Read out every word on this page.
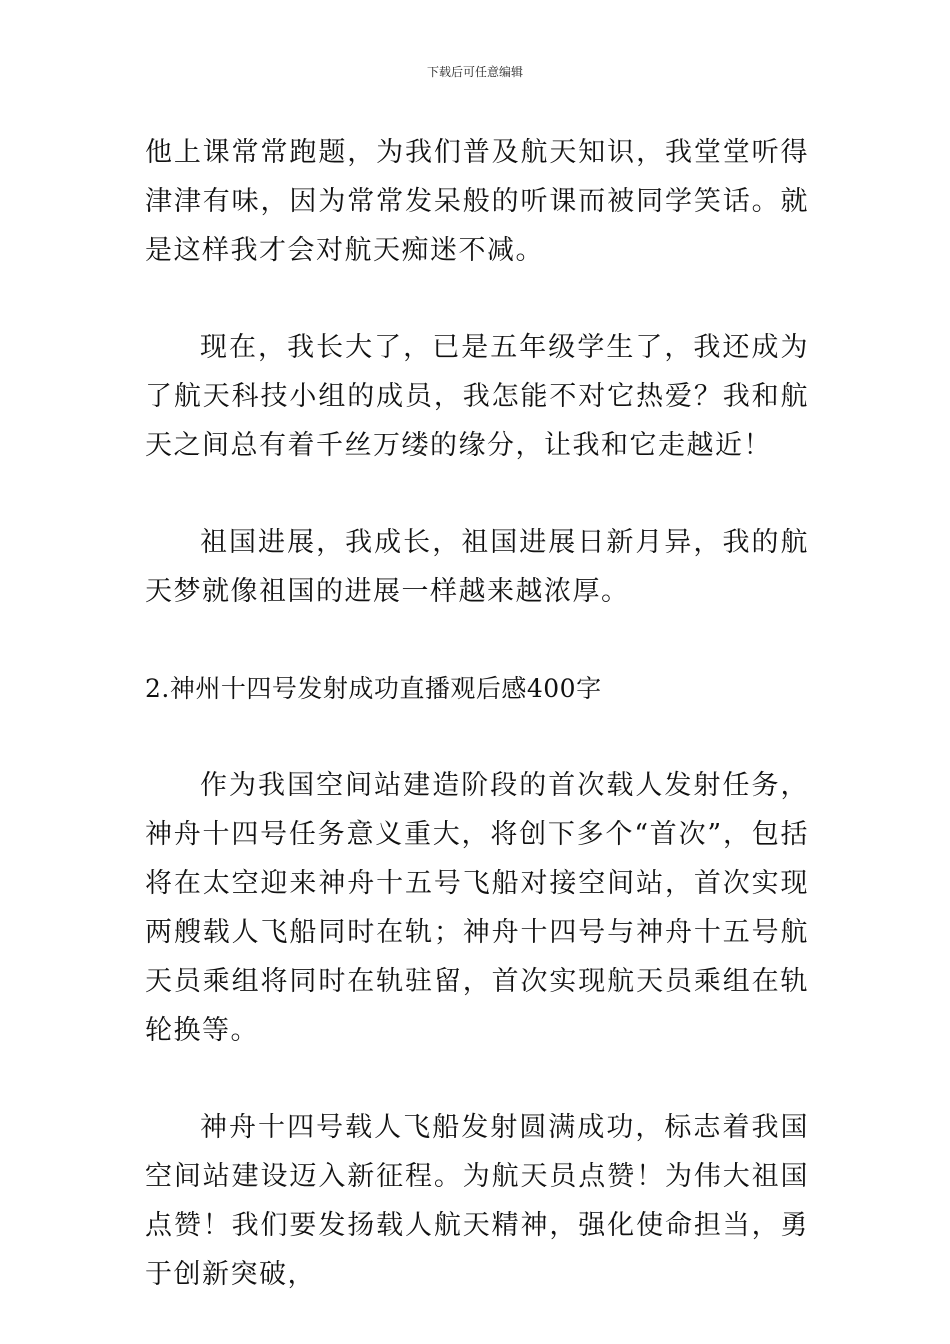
下载后可任意编辑

他上课常常跑题，为我们普及航天知识，我堂堂听得津津有味，因为常常发呆般的听课而被同学笑话。就是这样我才会对航天痴迷不减。

现在，我长大了，已是五年级学生了，我还成为了航天科技小组的成员，我怎能不对它热爱？我和航天之间总有着千丝万缕的缘分，让我和它走越近！

祖国进展，我成长，祖国进展日新月异，我的航天梦就像祖国的进展一样越来越浓厚。

2.神州十四号发射成功直播观后感400字

作为我国空间站建造阶段的首次载人发射任务，神舟十四号任务意义重大，将创下多个“首次”，包括将在太空迎来神舟十五号飞船对接空间站，首次实现两艘载人飞船同时在轨；神舟十四号与神舟十五号航天员乘组将同时在轨驻留，首次实现航天员乘组在轨轮换等。

神舟十四号载人飞船发射圆满成功，标志着我国空间站建设迈入新征程。为航天员点赞！为伟大祖国点赞！我们要发扬载人航天精神，强化使命担当，勇于创新突破，
